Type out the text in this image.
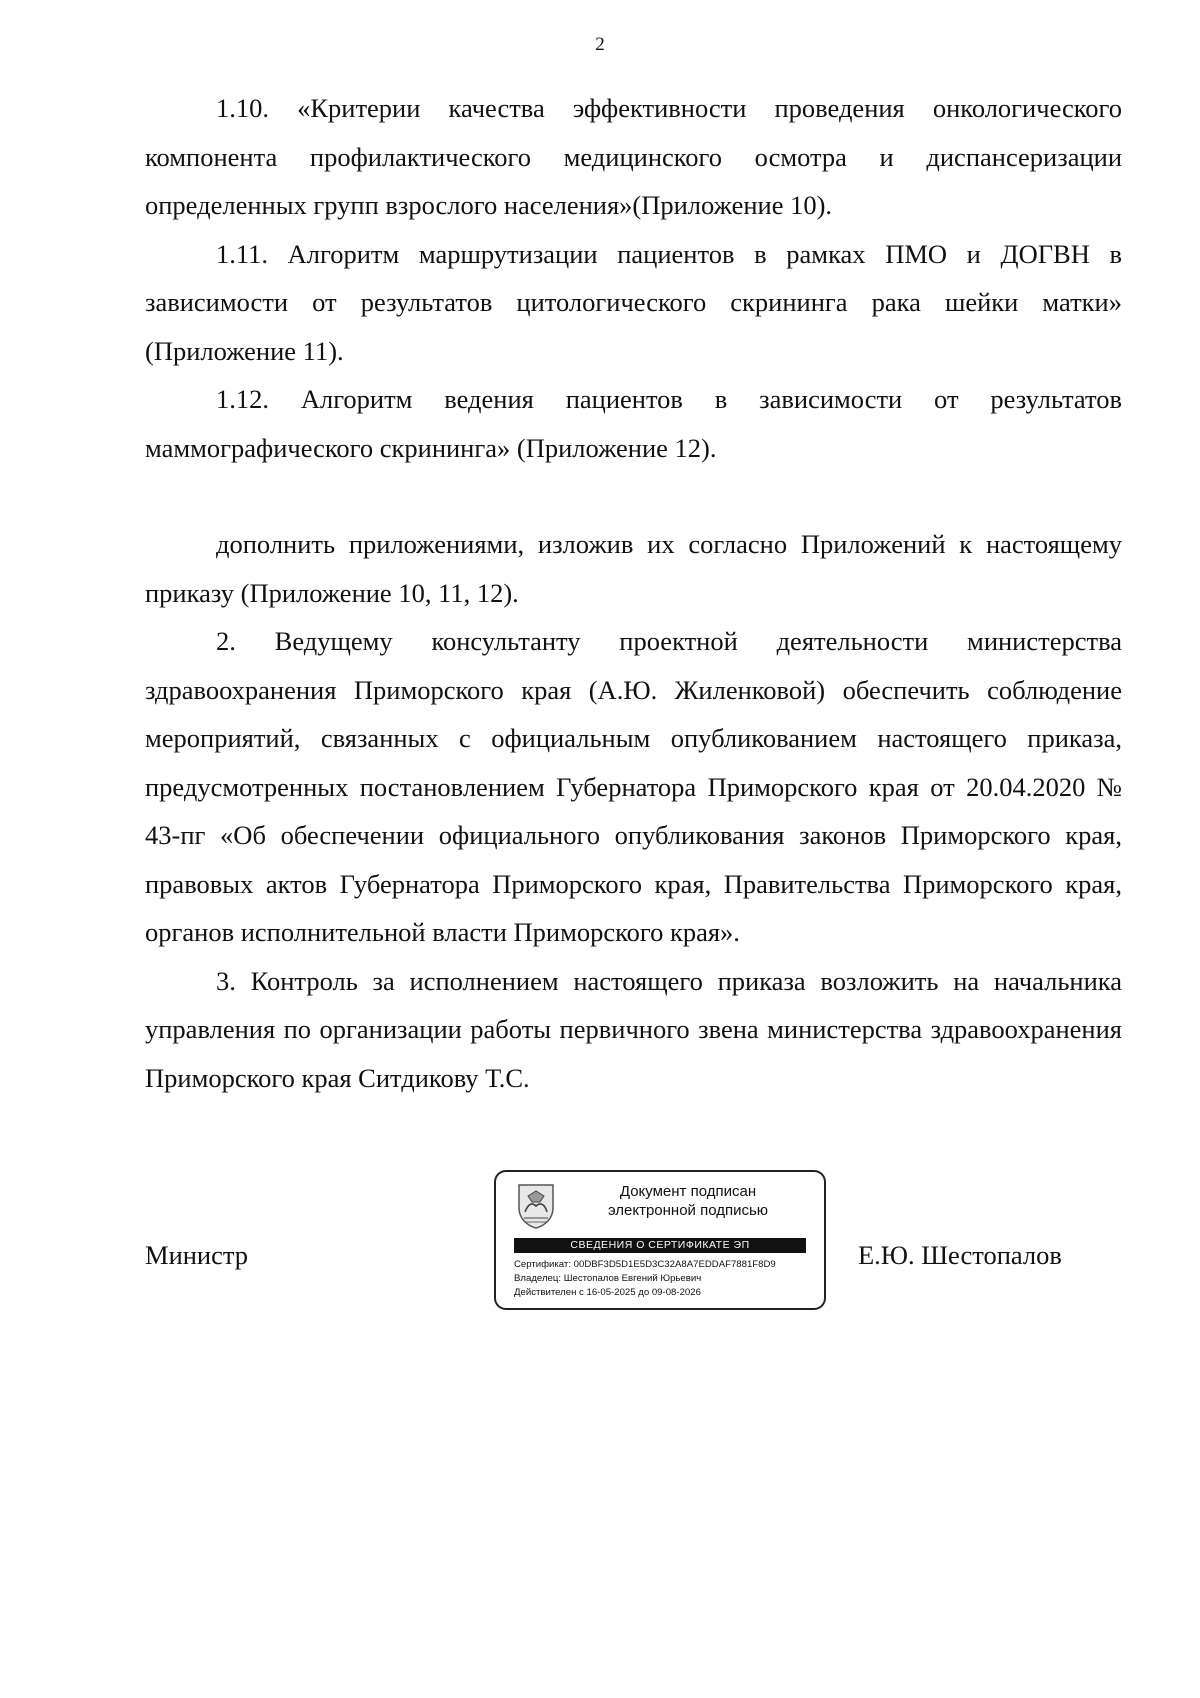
2

1.10. «Критерии качества эффективности проведения онкологического компонента профилактического медицинского осмотра и диспансеризации определенных групп взрослого населения»(Приложение 10).

1.11. Алгоритм маршрутизации пациентов в рамках ПМО и ДОГВН в зависимости от результатов цитологического скрининга рака шейки матки» (Приложение 11).

1.12. Алгоритм ведения пациентов в зависимости от результатов маммографического скрининга» (Приложение 12).

дополнить приложениями, изложив их согласно Приложений к настоящему приказу (Приложение 10, 11, 12).

2. Ведущему консультанту проектной деятельности министерства здравоохранения Приморского края (А.Ю. Жиленковой) обеспечить соблюдение мероприятий, связанных с официальным опубликованием настоящего приказа, предусмотренных постановлением Губернатора Приморского края от 20.04.2020 № 43-пг «Об обеспечении официального опубликования законов Приморского края, правовых актов Губернатора Приморского края, Правительства Приморского края, органов исполнительной власти Приморского края».

3. Контроль за исполнением настоящего приказа возложить на начальника управления по организации работы первичного звена министерства здравоохранения Приморского края Ситдикову Т.С.

Министр
Документ подписан
электронной подписью
СВЕДЕНИЯ О СЕРТИФИКАТЕ ЭП
Сертификат: 00DBF3D5D1E5D3C32A8A7EDDAF7881F8D9
Владелец: Шестопалов Евгений Юрьевич
Действителен с 16-05-2025 до 09-08-2026
Е.Ю. Шестопалов
